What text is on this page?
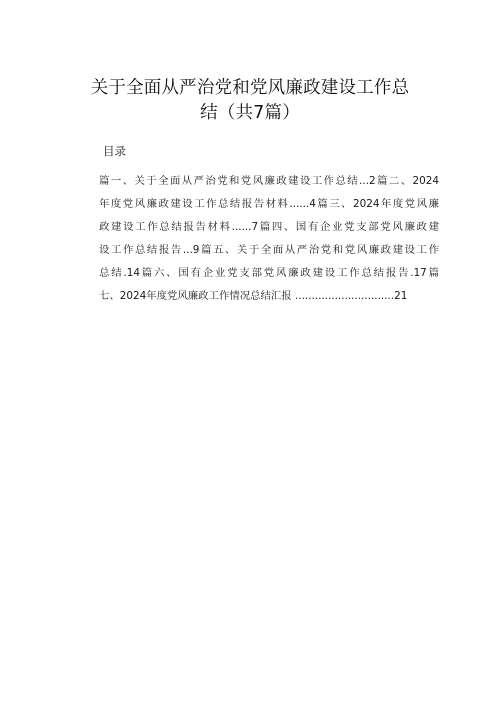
关于全面从严治党和党风廉政建设工作总
结（共7篇）
目录
篇一、关于全面从严治党和党风廉政建设工作总结...2篇二、2024
年度党风廉政建设工作总结报告材料......4篇三、2024年度党风廉
政建设工作总结报告材料......7篇四、国有企业党支部党风廉政建
设工作总结报告...9篇五、关于全面从严治党和党风廉政建设工作
总结.14篇六、国有企业党支部党风廉政建设工作总结报告.17篇
七、2024年度党风廉政工作情况总结汇报 ..............................21
